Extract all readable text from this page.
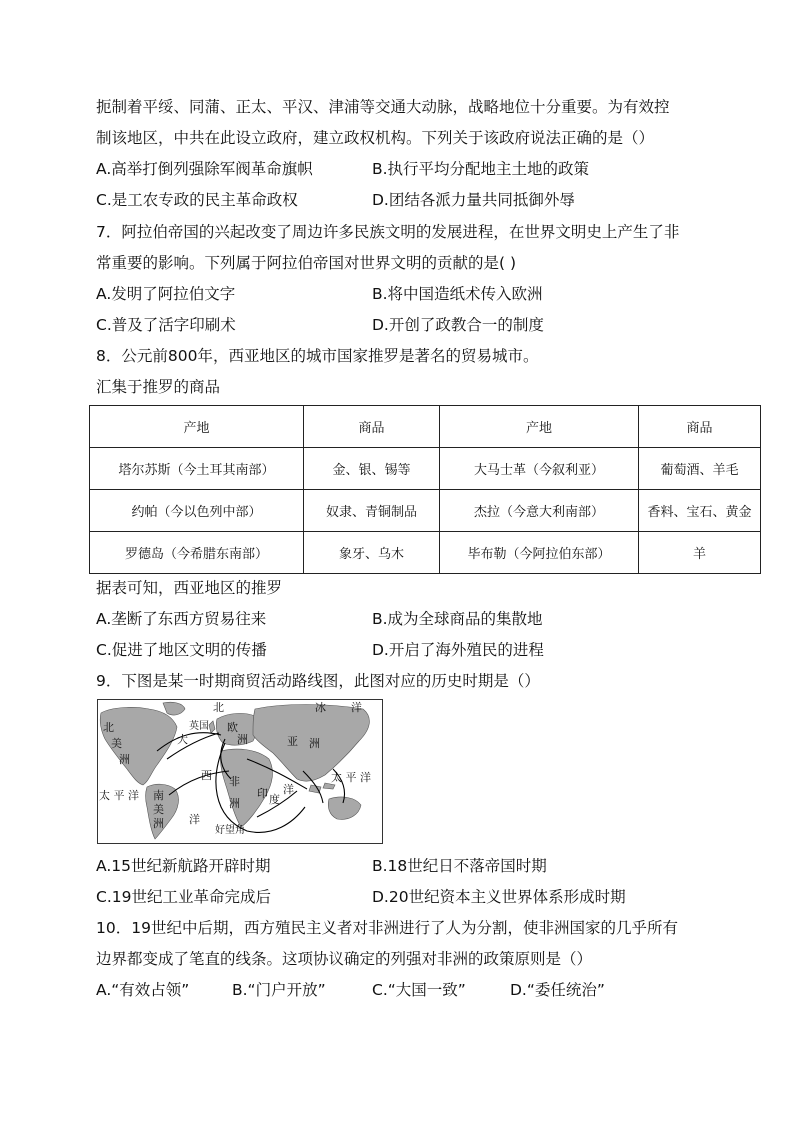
扼制着平绥、同蒲、正太、平汉、津浦等交通大动脉，战略地位十分重要。为有效控
制该地区，中共在此设立政府，建立政权机构。下列关于该政府说法正确的是（）
A.高举打倒列强除军阀革命旗帜	B.执行平均分配地主土地的政策
C.是工农专政的民主革命政权	D.团结各派力量共同抵御外辱
7．阿拉伯帝国的兴起改变了周边许多民族文明的发展进程，在世界文明史上产生了非
常重要的影响。下列属于阿拉伯帝国对世界文明的贡献的是( )
A.发明了阿拉伯文字	B.将中国造纸术传入欧洲
C.普及了活字印刷术	D.开创了政教合一的制度
8．公元前800年，西亚地区的城市国家推罗是著名的贸易城市。
汇集于推罗的商品
产地	商品	产地	商品
塔尔苏斯（今土耳其南部）	金、银、锡等	大马士革（今叙利亚）	葡萄酒、羊毛
约帕（今以色列中部）	奴隶、青铜制品	杰拉（今意大利南部）	香料、宝石、黄金
罗德岛（今希腊东南部）	象牙、乌木	毕布勒（今阿拉伯东部）	羊
据表可知，西亚地区的推罗
A.垄断了东西方贸易往来	B.成为全球商品的集散地
C.促进了地区文明的传播	D.开启了海外殖民的进程
9．下图是某一时期商贸活动路线图，此图对应的历史时期是（）
北	冰 洋
北
美
洲
英国 欧
洲
大	亚 洲
非
洲
西
南
美
洲
印 度
洋
太 平 洋
太 平 洋
洋
好望角
A.15世纪新航路开辟时期	B.18世纪日不落帝国时期
C.19世纪工业革命完成后	D.20世纪资本主义世界体系形成时期
10．19世纪中后期，西方殖民主义者对非洲进行了人为分割，使非洲国家的几乎所有
边界都变成了笔直的线条。这项协议确定的列强对非洲的政策原则是（）
A.“有效占领”	B.“门户开放”	C.“大国一致”	D.“委任统治”
